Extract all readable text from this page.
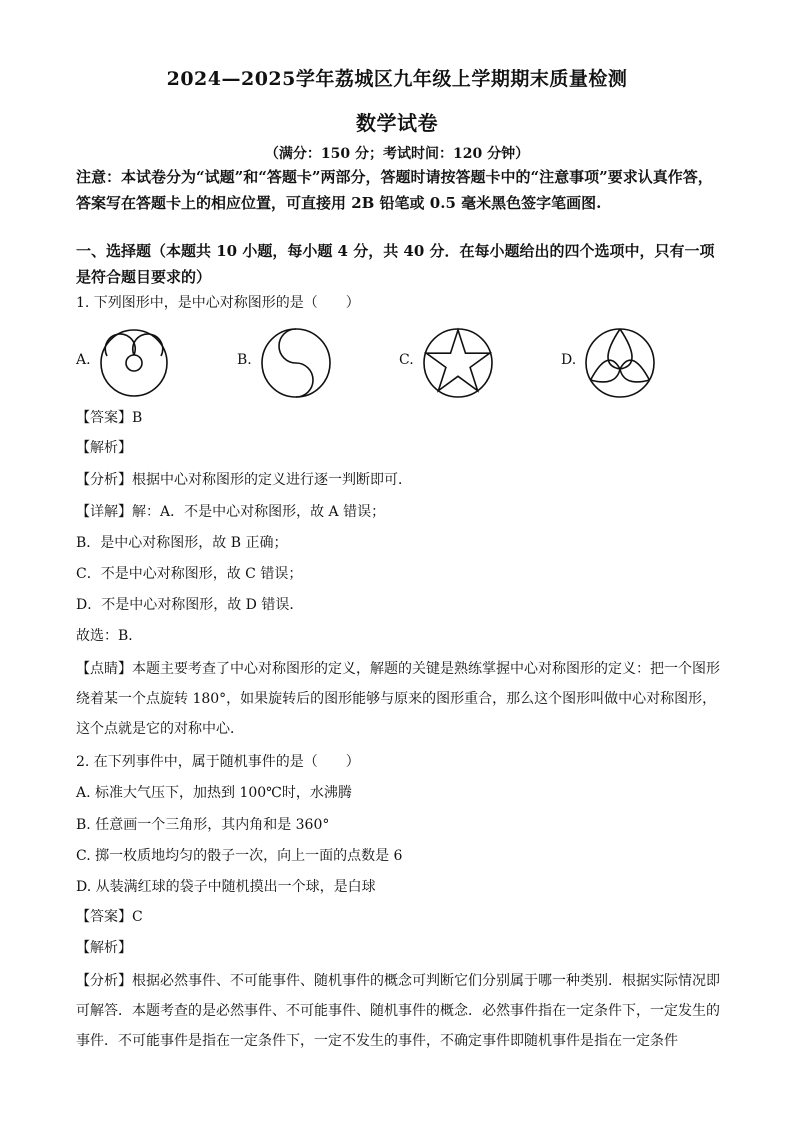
2024—2025学年荔城区九年级上学期期末质量检测
数学试卷
（满分：150 分；考试时间：120 分钟）
注意：本试卷分为“试题”和“答题卡”两部分，答题时请按答题卡中的“注意事项”要求认真作答，答案写在答题卡上的相应位置，可直接用 2B 铅笔或 0.5 毫米黑色签字笔画图.
一、选择题（本题共 10 小题，每小题 4 分，共 40 分．在每小题给出的四个选项中，只有一项是符合题目要求的）
1. 下列图形中，是中心对称图形的是（　　）
A.	B.	C.	D.
【答案】B
【解析】
【分析】根据中心对称图形的定义进行逐一判断即可．
【详解】解：A．不是中心对称图形，故 A 错误；
B．是中心对称图形，故 B 正确；
C．不是中心对称图形，故 C 错误；
D．不是中心对称图形，故 D 错误．
故选：B．
【点睛】本题主要考查了中心对称图形的定义，解题的关键是熟练掌握中心对称图形的定义：把一个图形绕着某一个点旋转 180°，如果旋转后的图形能够与原来的图形重合，那么这个图形叫做中心对称图形，这个点就是它的对称中心．
2. 在下列事件中，属于随机事件的是（　　）
A. 标准大气压下，加热到 100℃时，水沸腾
B. 任意画一个三角形，其内角和是 360°
C. 掷一枚质地均匀的骰子一次，向上一面的点数是 6
D. 从装满红球的袋子中随机摸出一个球，是白球
【答案】C
【解析】
【分析】根据必然事件、不可能事件、随机事件的概念可判断它们分别属于哪一种类别．根据实际情况即可解答．本题考查的是必然事件、不可能事件、随机事件的概念．必然事件指在一定条件下，一定发生的事件．不可能事件是指在一定条件下，一定不发生的事件，不确定事件即随机事件是指在一定条件
